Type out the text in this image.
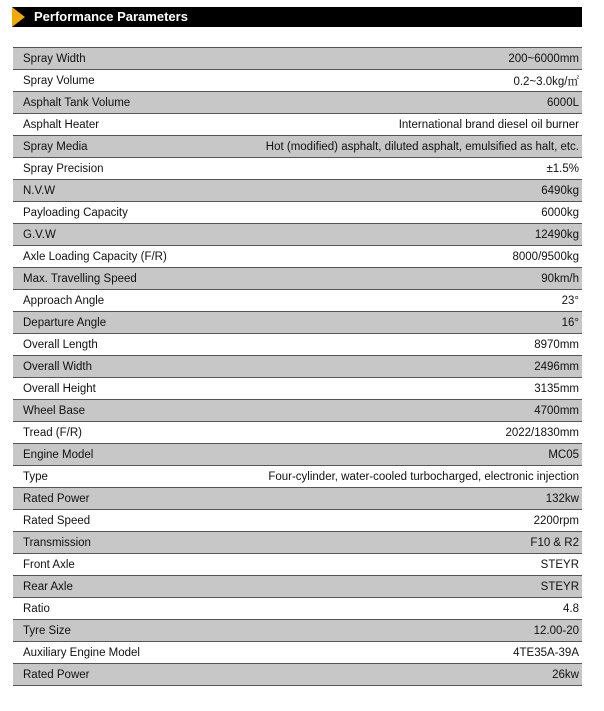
Performance Parameters
Spray Width	200~6000mm
Spray Volume	0.2~3.0kg/㎡
Asphalt Tank Volume	6000L
Asphalt Heater	International brand diesel oil burner
Spray Media	Hot (modified) asphalt, diluted asphalt, emulsified as halt, etc.
Spray Precision	±1.5%
N.V.W	6490kg
Payloading Capacity	6000kg
G.V.W	12490kg
Axle Loading Capacity (F/R)	8000/9500kg
Max. Travelling Speed	90km/h
Approach Angle	23°
Departure Angle	16°
Overall Length	8970mm
Overall Width	2496mm
Overall Height	3135mm
Wheel Base	4700mm
Tread (F/R)	2022/1830mm
Engine Model	MC05
Type	Four-cylinder, water-cooled turbocharged, electronic injection
Rated Power	132kw
Rated Speed	2200rpm
Transmission	F10 & R2
Front Axle	STEYR
Rear Axle	STEYR
Ratio	4.8
Tyre Size	12.00-20
Auxiliary Engine Model	4TE35A-39A
Rated Power	26kw
